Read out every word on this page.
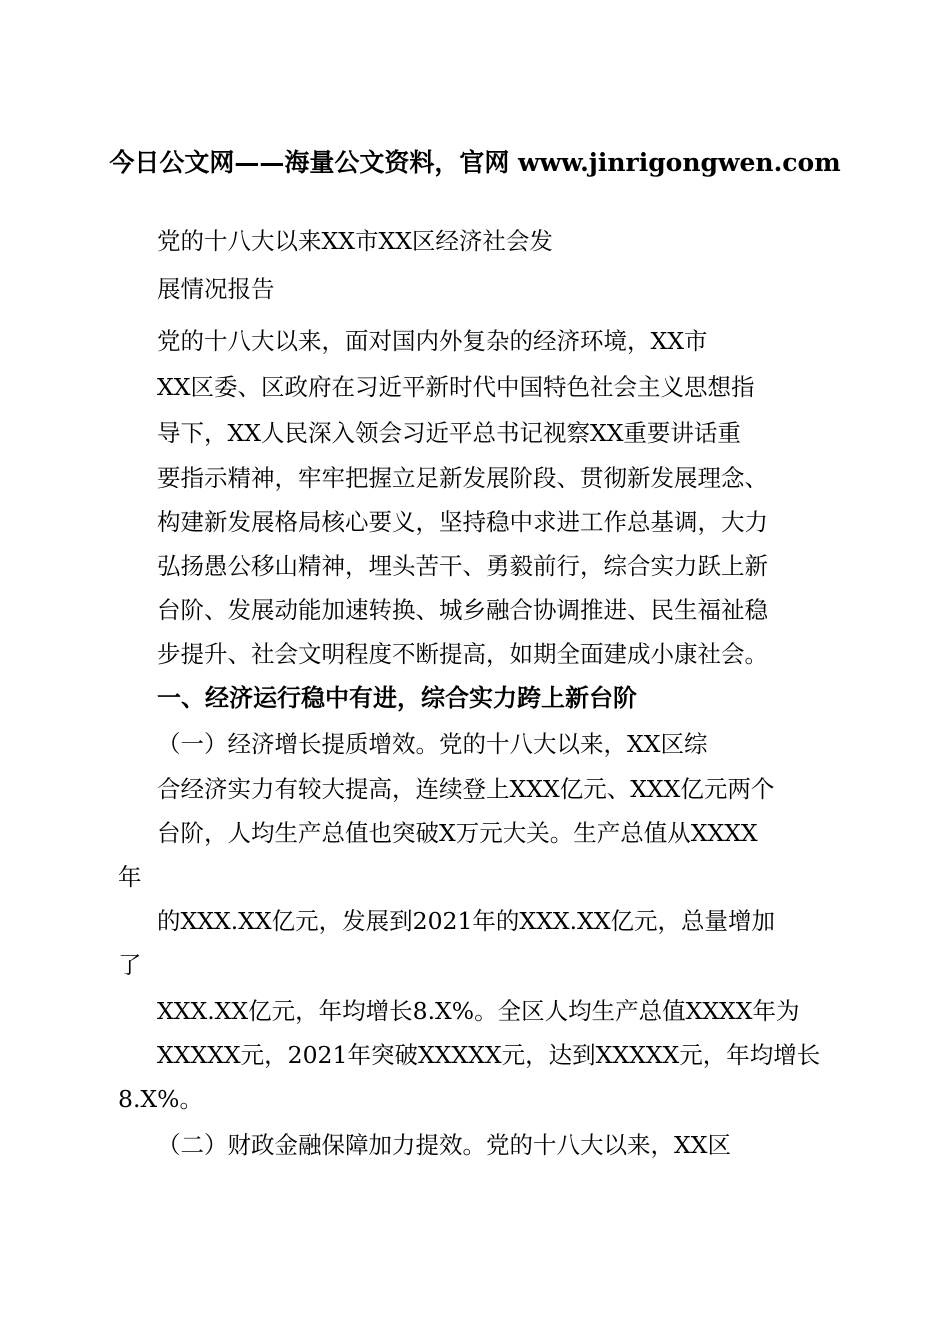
今日公文网——海量公文资料，官网 www.jinrigongwen.com
党的十八大以来XX市XX区经济社会发
展情况报告
党的十八大以来，面对国内外复杂的经济环境，XX市
XX区委、区政府在习近平新时代中国特色社会主义思想指
导下，XX人民深入领会习近平总书记视察XX重要讲话重
要指示精神，牢牢把握立足新发展阶段、贯彻新发展理念、
构建新发展格局核心要义，坚持稳中求进工作总基调，大力
弘扬愚公移山精神，埋头苦干、勇毅前行，综合实力跃上新
台阶、发展动能加速转换、城乡融合协调推进、民生福祉稳
步提升、社会文明程度不断提高，如期全面建成小康社会。
一、经济运行稳中有进，综合实力跨上新台阶
（一）经济增长提质增效。党的十八大以来，XX区综
合经济实力有较大提高，连续登上XXX亿元、XXX亿元两个
台阶，人均生产总值也突破X万元大关。生产总值从XXXX
年
的XXX.XX亿元，发展到2021年的XXX.XX亿元，总量增加
了
XXX.XX亿元，年均增长8.X%。全区人均生产总值XXXX年为
XXXXX元，2021年突破XXXXX元，达到XXXXX元，年均增长
8.X%。
（二）财政金融保障加力提效。党的十八大以来，XX区
